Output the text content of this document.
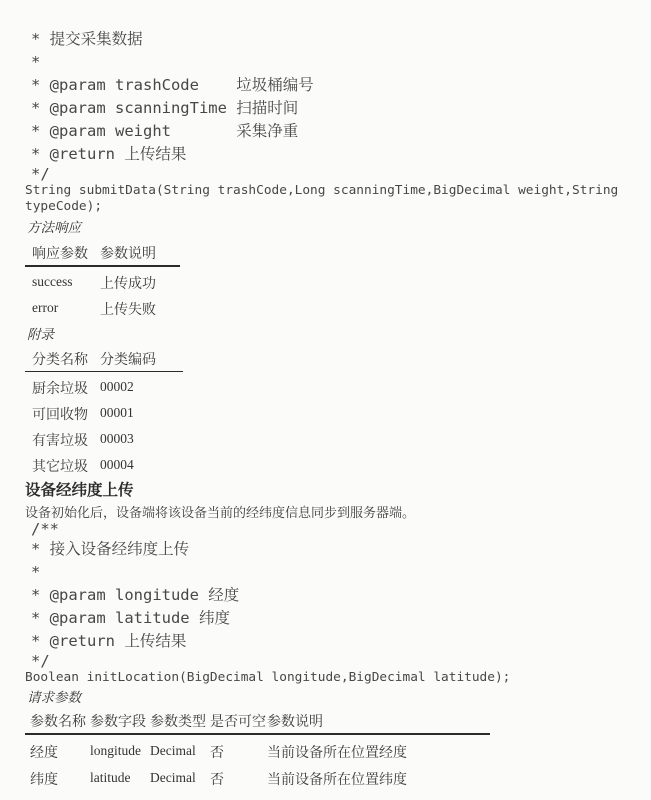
* 提交采集数据
*
* @param trashCode    垃圾桶编号
* @param scanningTime 扫描时间
* @param weight       采集净重
* @return 上传结果
*/
String submitData(String trashCode,Long scanningTime,BigDecimal weight,String
typeCode);
方法响应
响应参数 参数说明
success	上传成功
error	上传失败
附录
分类名称 分类编码
厨余垃圾 00002
可回收物 00001
有害垃圾 00003
其它垃圾 00004
设备经纬度上传
设备初始化后，设备端将该设备当前的经纬度信息同步到服务器端。
/**
* 接入设备经纬度上传
*
* @param longitude 经度
* @param latitude 纬度
* @return 上传结果
*/
Boolean initLocation(BigDecimal longitude,BigDecimal latitude);
请求参数
参数名称 参数字段 参数类型 是否可空 参数说明
经度	longitude Decimal	否	当前设备所在位置经度
纬度	latitude	Decimal	否	当前设备所在位置纬度
